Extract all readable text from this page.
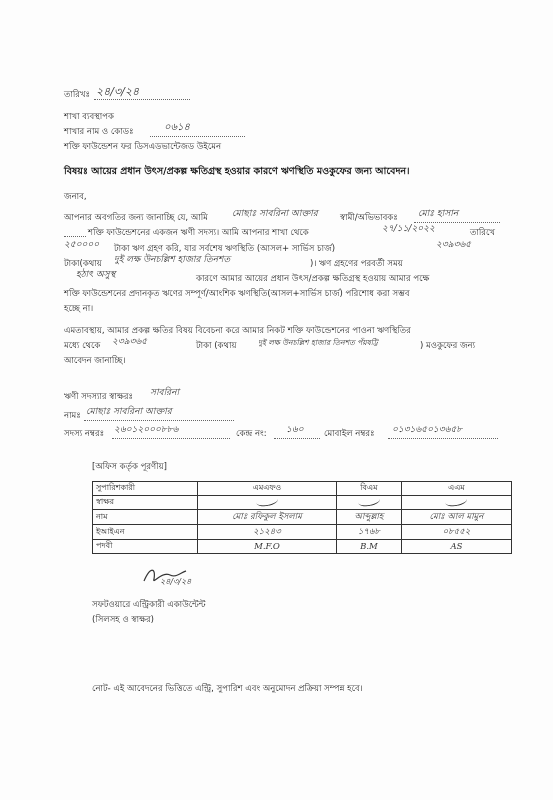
তারিখঃ ২৪/৩/২৪
শাখা ব্যবস্থাপক
শাখার নাম ও কোডঃ	০৬১৪
শক্তি ফাউন্ডেশন ফর ডিসএডভান্টেজড উইমেন
বিষয়ঃ আয়ের প্রধান উৎস/প্রকল্প ক্ষতিগ্রস্থ হওয়ার কারণে ঋণস্থিতি মওকুফের জন্য আবেদন।
জনাব,
আপনার অবগতির জন্য জানাচ্ছি যে, আমি	মোছাঃ সাবরিনা আক্তার	স্বামী/অভিভাবকঃ মোঃ হাসান
শক্তি ফাউন্ডেশনের একজন ঋণী সদস্য। আমি আপনার শাখা থেকে	২৭/১১/২০২২	তারিখে
২৫০০০০ টাকা ঋণ গ্রহণ করি, যার সর্বশেষ ঋণস্থিতি (আসল+ সার্ভিস চার্জ)	২৩৯৩৬৫
টাকা(কথায় দুই লক্ষ উনচল্লিশ হাজার তিনশত	)। ঋণ গ্রহণের পরবর্তী সময়
হঠাৎ অসুস্থ	কারণে আমার আয়ের প্রধান উৎস/প্রকল্প ক্ষতিগ্রস্থ হওয়ায় আমার পক্ষে
শক্তি ফাউন্ডেশনের প্রদানকৃত ঋণের সম্পূর্ণ/আংশিক ঋণস্থিতি(আসল+সার্ভিস চার্জ) পরিশোধ করা সম্ভব
হচ্ছে না।
এমতাবস্থায়, আমার প্রকল্প ক্ষতির বিষয় বিবেচনা করে আমার নিকট শক্তি ফাউন্ডেশনের পাওনা ঋণস্থিতির
মধ্যে থেকে ২৩৯৩৬৫	টাকা (কথায়	দুই লক্ষ উনচল্লিশ হাজার তিনশত পঁয়ষট্টি	) মওকুফের জন্য
আবেদন জানাচ্ছি।
ঋণী সদস্যার স্বাক্ষরঃ সাবরিনা
নামঃ মোছাঃ সাবরিনা আক্তার
সদস্য নম্বরঃ ২৬০১২০০০৮৮৬	কেন্দ্র নং: ১৬০ মোবাইল নম্বরঃ ০১৩১৬৫০১৩৬৫৮
[অফিস কর্তৃক পূরণীয়]
সুপারিশকারী	এমএফও	বিএম	এএম
স্বাক্ষর			
নাম	মোঃ রফিকুল ইসলাম	আব্দুল্লাহ	মোঃ আল মামুন
ইআইএন	২১২৪৩	১৭৬৮	০৮৫৫২
পদবী	M.F.O	B.M	AS
২৪/৩/২৪
সফটওয়ারে এন্ট্রিকারী একাউন্টেন্ট
(সিলসহ ও স্বাক্ষর)
নোট- এই আবেদনের ভিত্তিতে এন্ট্রি, সুপারিশ এবং অনুমোদন প্রক্রিয়া সম্পন্ন হবে।
